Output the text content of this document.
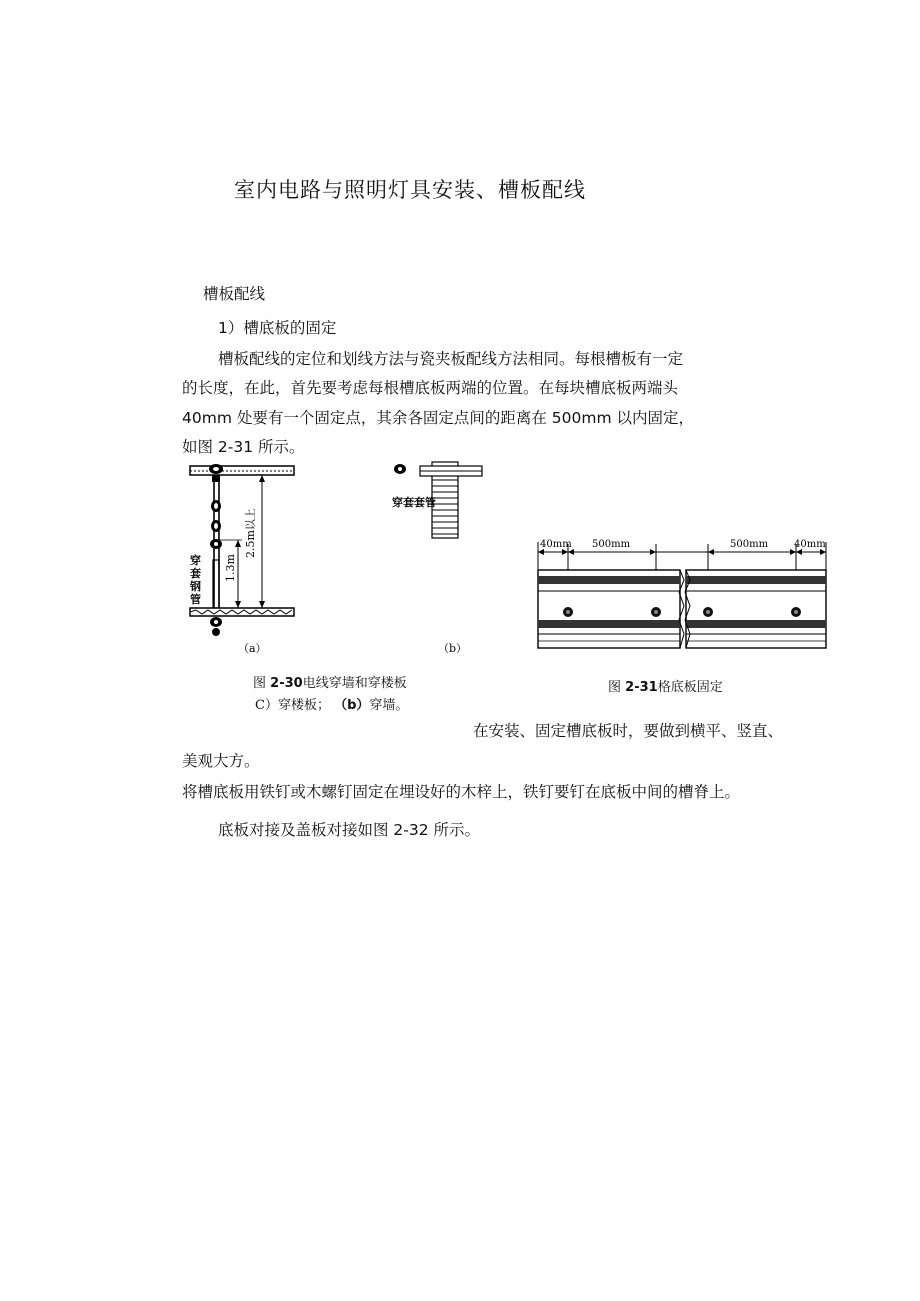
室内电路与照明灯具安装、槽板配线
槽板配线
1）槽底板的固定
槽板配线的定位和划线方法与瓷夹板配线方法相同。每根槽板有一定
的长度，在此，首先要考虑每根槽底板两端的位置。在每块槽底板两端头
40mm 处要有一个固定点，其余各固定点间的距离在 500mm 以内固定，
如图 2-31 所示。
2.5m以上
1.3m
穿
套
钢
管
（a）
穿套套管
（b）
40mm 500mm	500mm	40mm
图 2-30电线穿墙和穿楼板
C）穿楼板； （b）穿墙。
图 2-31格底板固定
在安装、固定槽底板时，要做到横平、竖直、
美观大方。
将槽底板用铁钉或木螺钉固定在埋设好的木梓上，铁钉要钉在底板中间的槽脊上。
底板对接及盖板对接如图 2-32 所示。
